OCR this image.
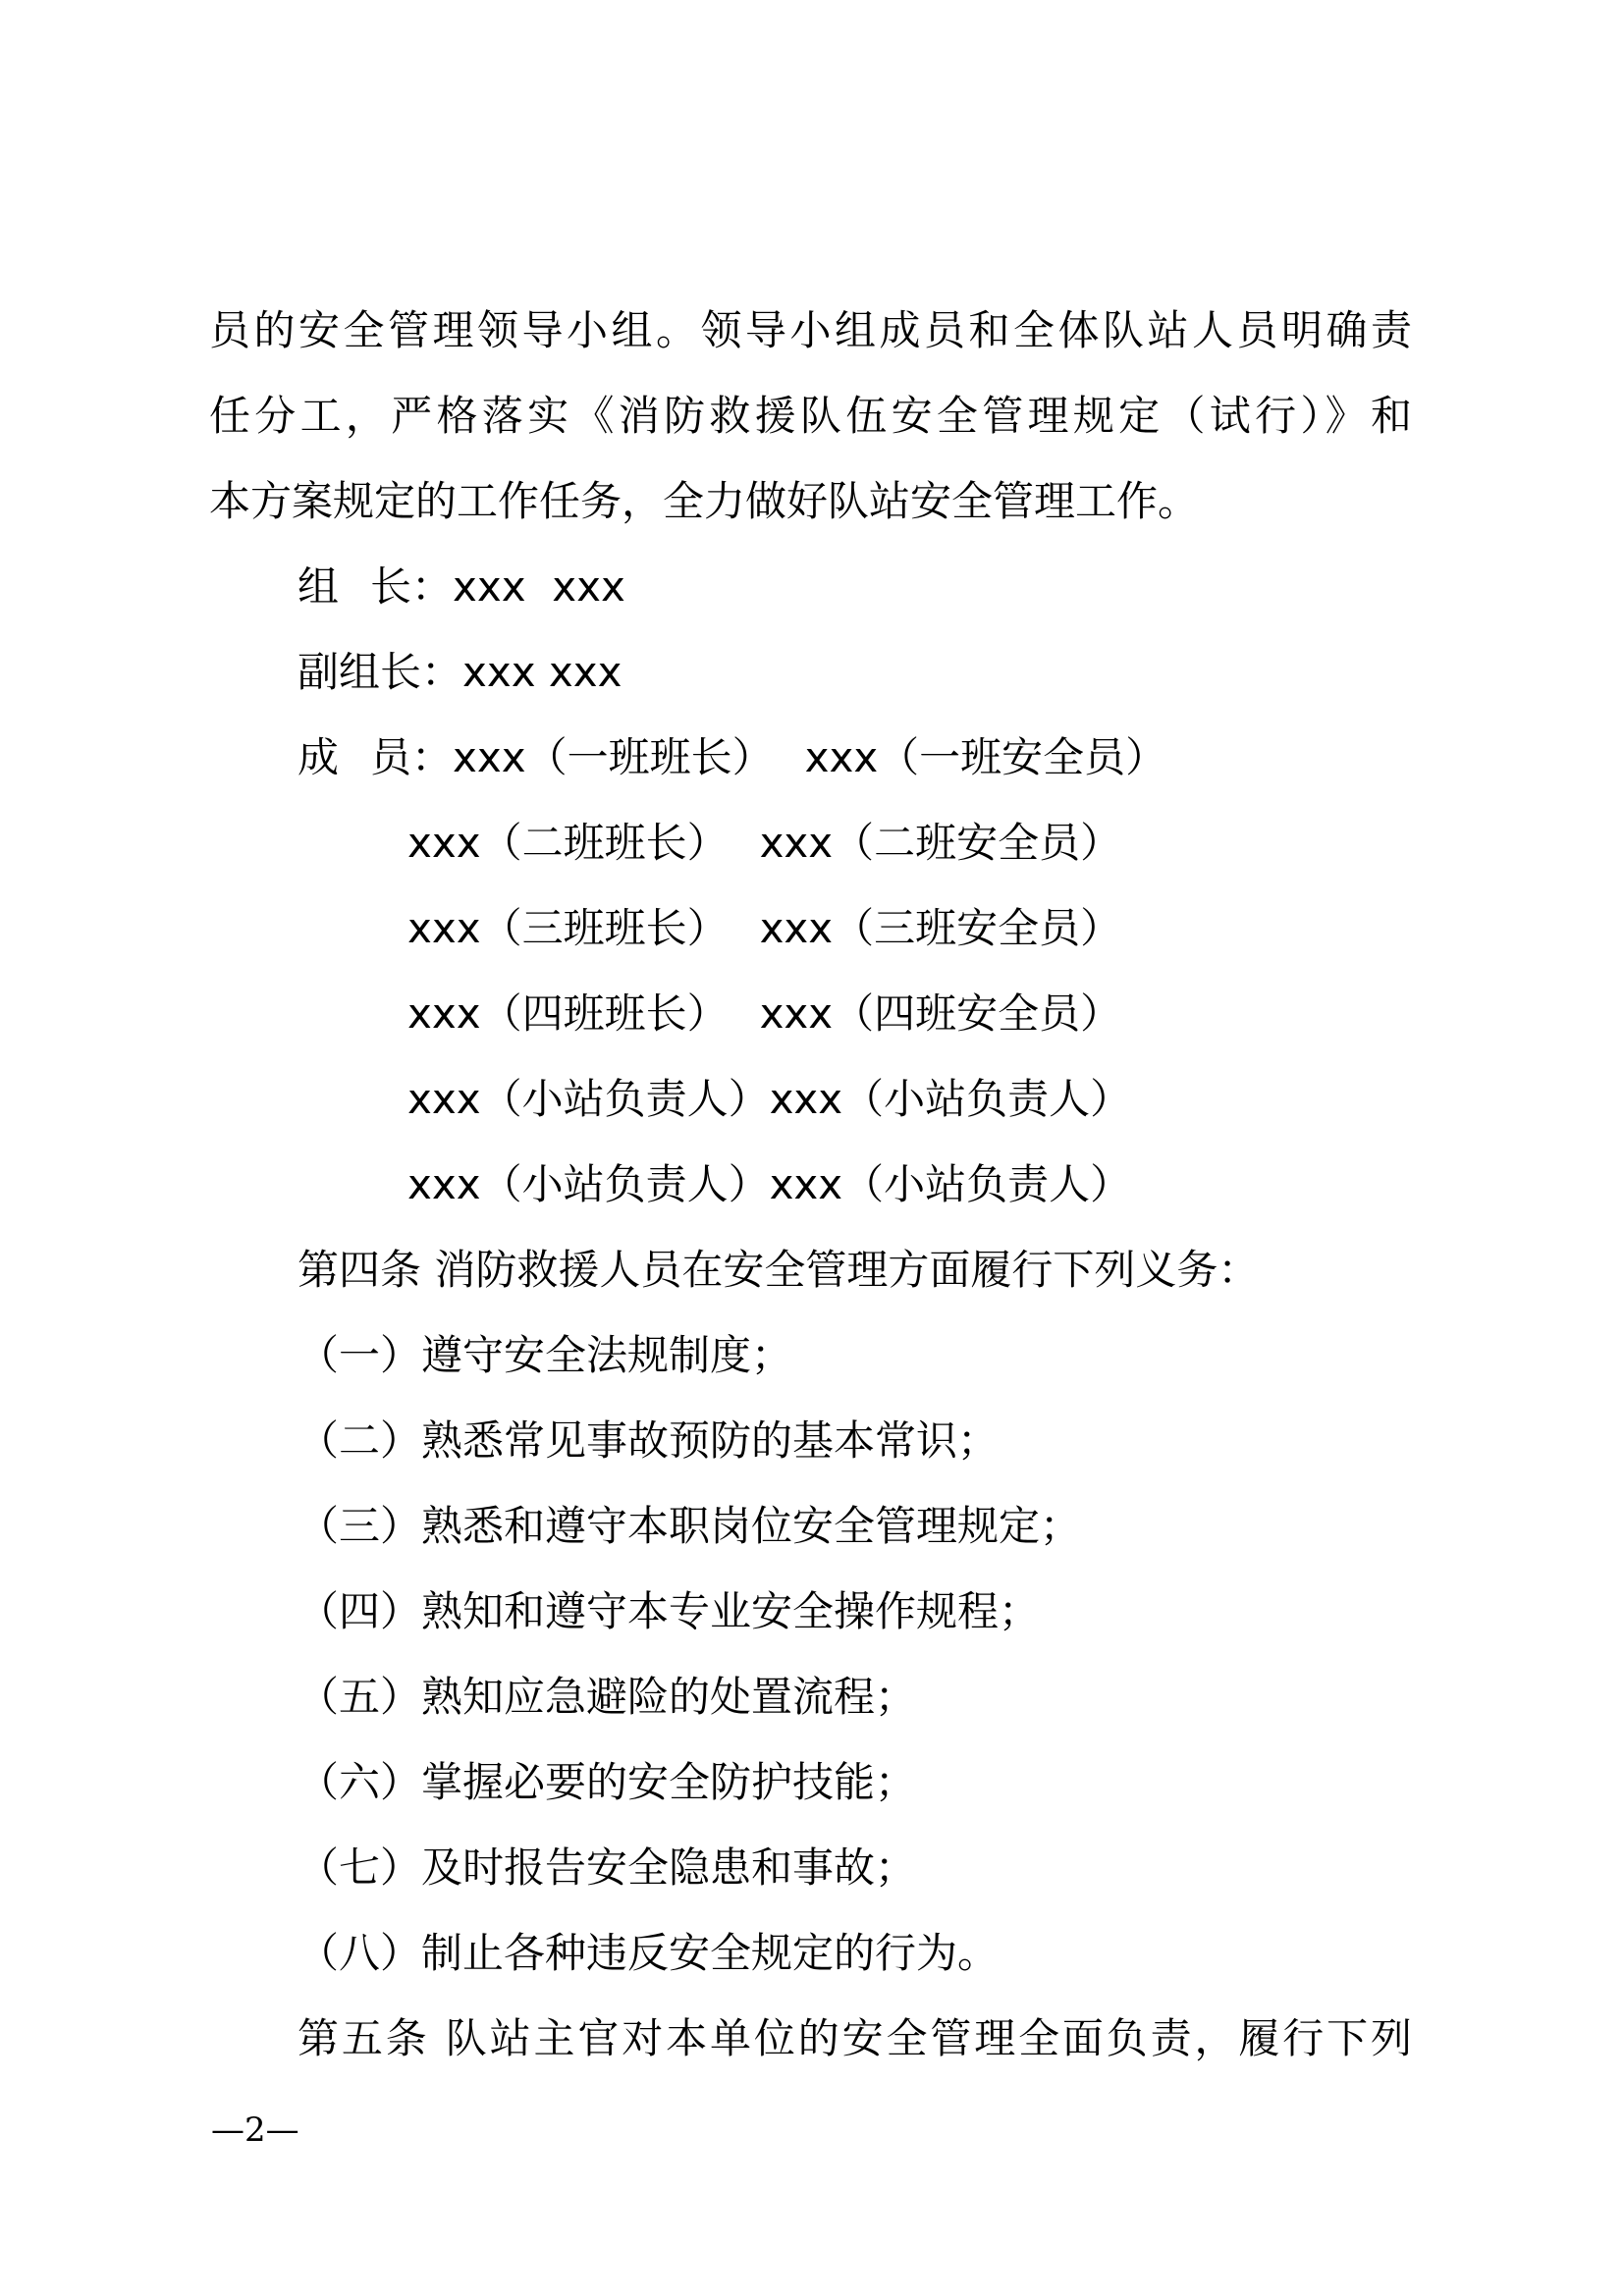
员的安全管理领导小组。领导小组成员和全体队站人员明确责
任分工，严格落实《消防救援队伍安全管理规定（试行）》和
本方案规定的工作任务，全力做好队站安全管理工作。
组 长：xxx  xxx
副组长：xxx xxx
成 员：xxx（一班班长） xxx（一班安全员）
xxx（二班班长） xxx（二班安全员）
xxx（三班班长） xxx（三班安全员）
xxx（四班班长） xxx（四班安全员）
xxx（小站负责人）xxx（小站负责人）
xxx（小站负责人）xxx（小站负责人）
第四条 消防救援人员在安全管理方面履行下列义务：
（一）遵守安全法规制度；
（二）熟悉常见事故预防的基本常识；
（三）熟悉和遵守本职岗位安全管理规定；
（四）熟知和遵守本专业安全操作规程；
（五）熟知应急避险的处置流程；
（六）掌握必要的安全防护技能；
（七）及时报告安全隐患和事故；
（八）制止各种违反安全规定的行为。
第五条 队站主官对本单位的安全管理全面负责，履行下列
—2—
